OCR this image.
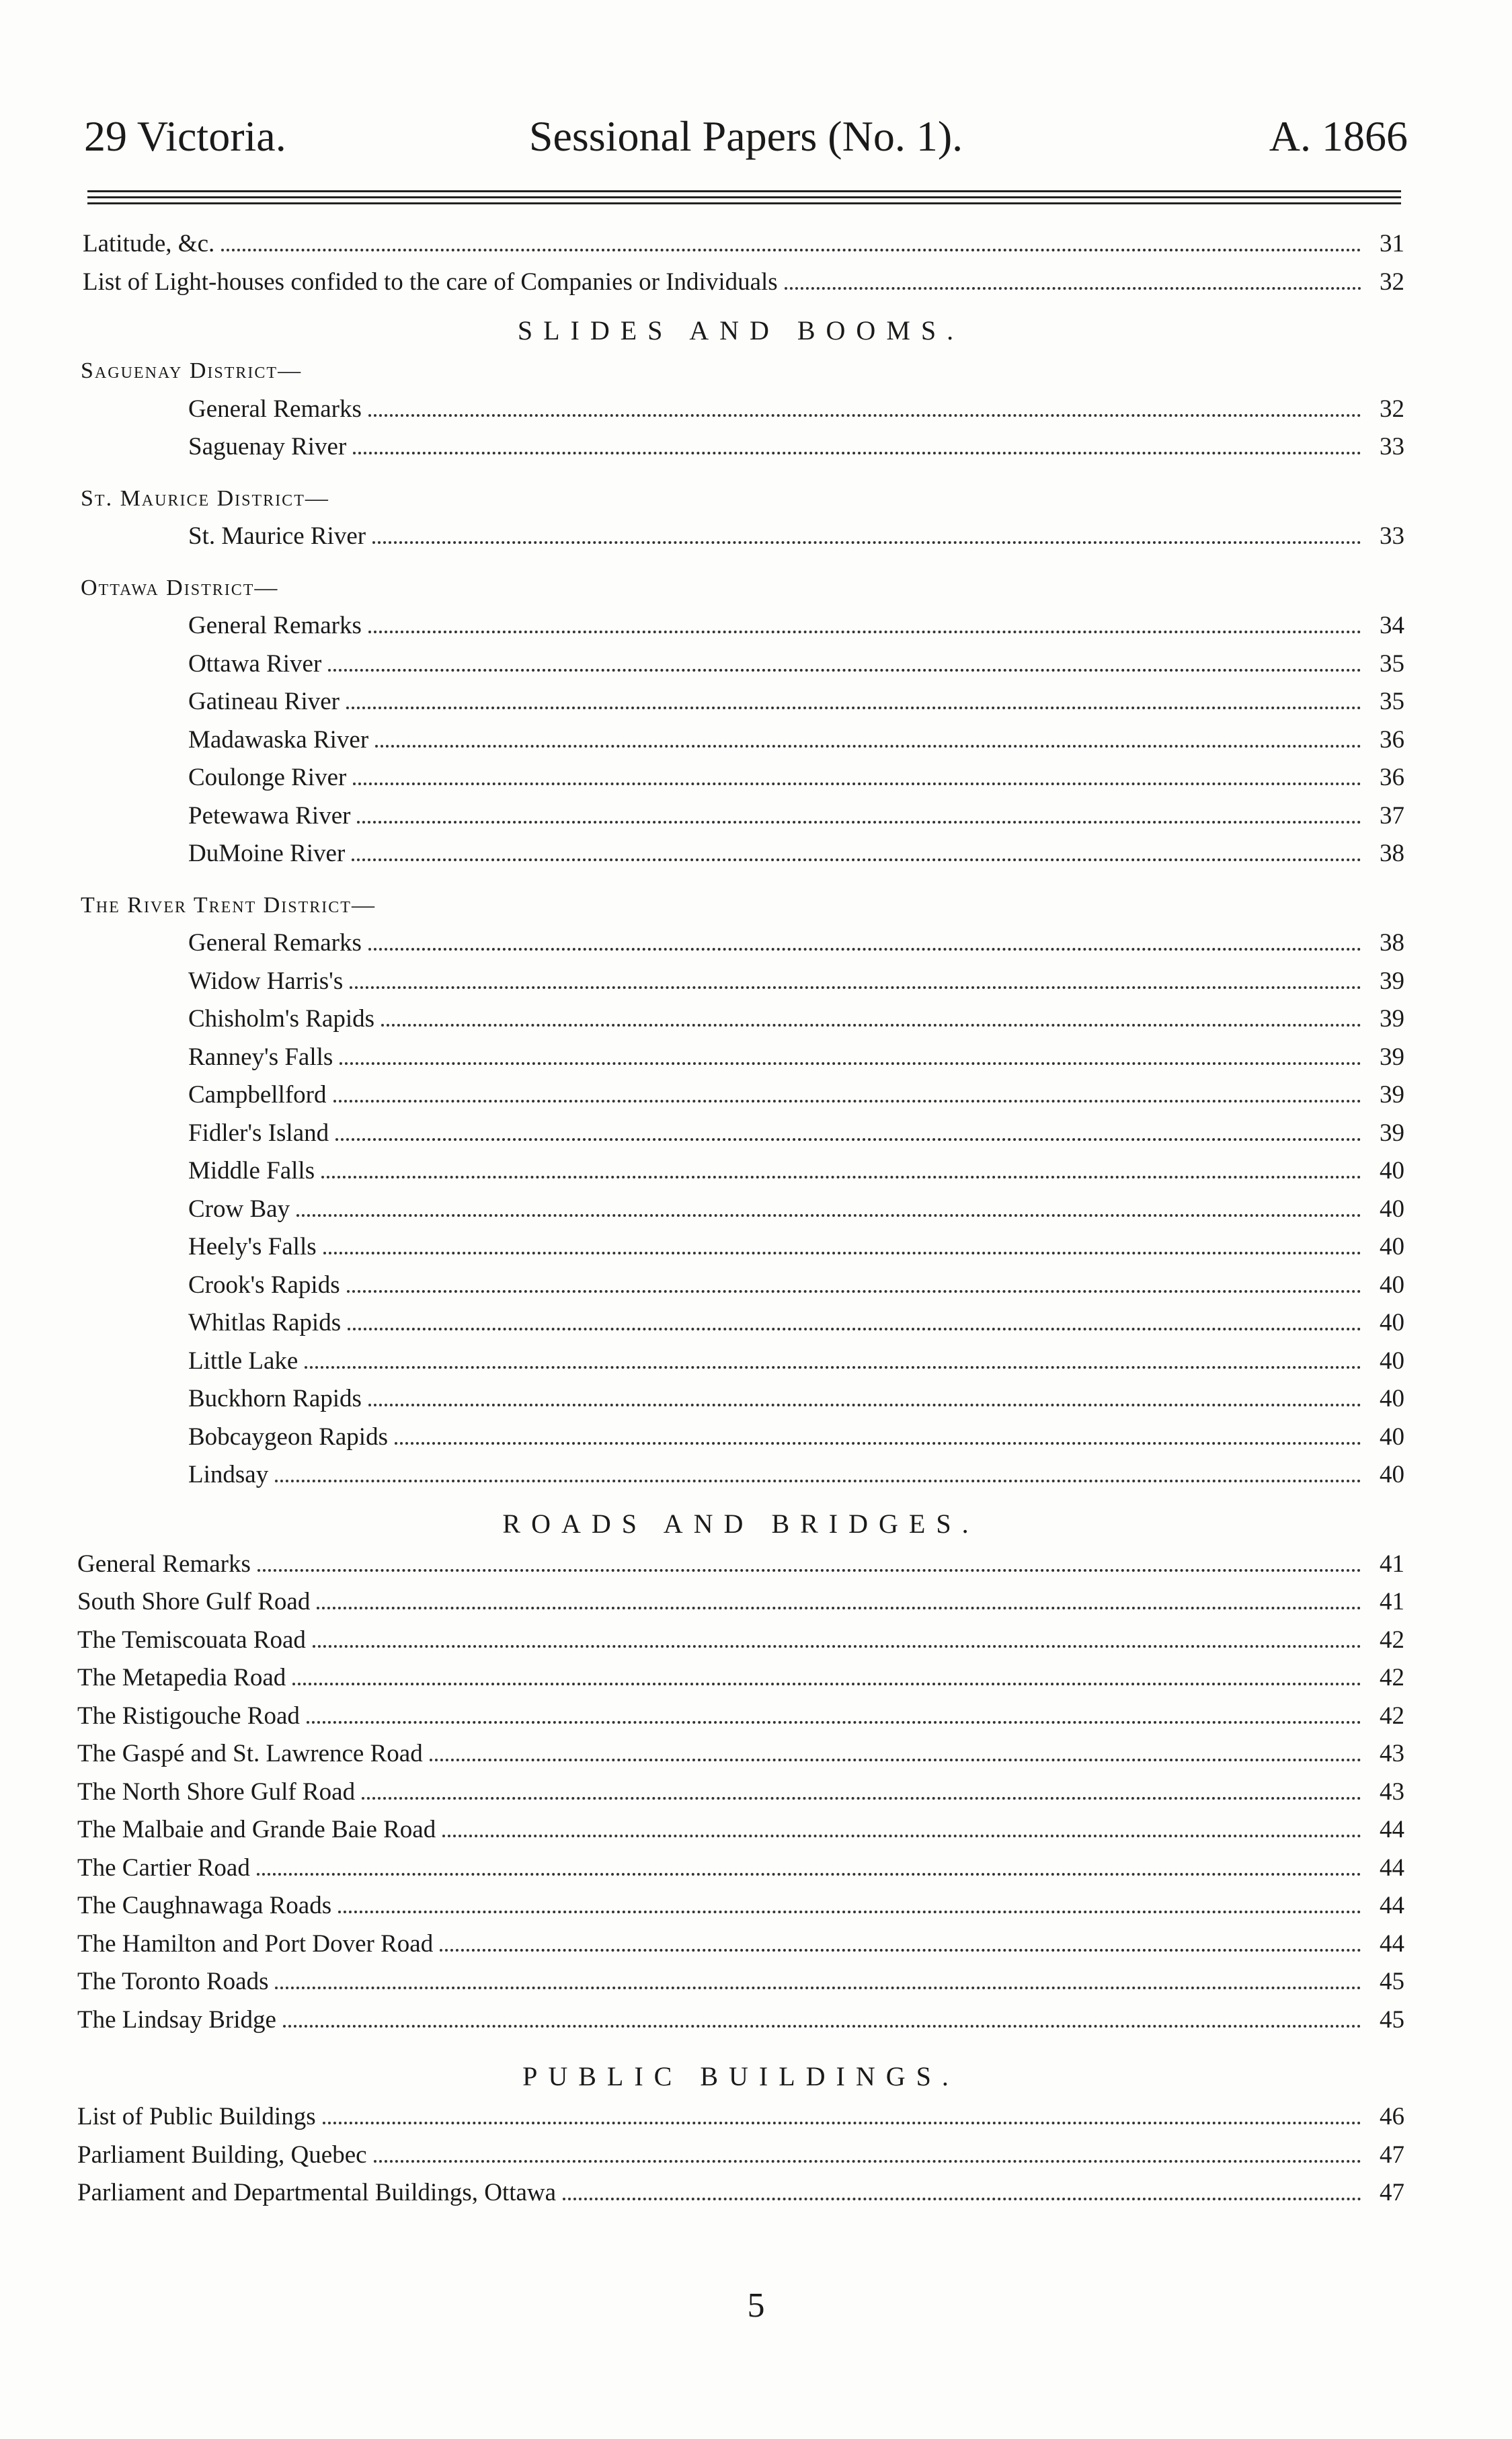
29 Victoria.	Sessional Papers (No. 1).	A. 1866
Latitude, &c.	31
List of Light-houses confided to the care of Companies or Individuals	32
SLIDES AND BOOMS.
Saguenay District—
General Remarks	32
Saguenay River	33
St. Maurice District—
St. Maurice River	33
Ottawa District—
General Remarks	34
Ottawa River	35
Gatineau River	35
Madawaska River	36
Coulonge River	36
Petewawa River	37
DuMoine River	38
The River Trent District—
General Remarks	38
Widow Harris's	39
Chisholm's Rapids	39
Ranney's Falls	39
Campbellford	39
Fidler's Island	39
Middle Falls	40
Crow Bay	40
Heely's Falls	40
Crook's Rapids	40
Whitlas Rapids	40
Little Lake	40
Buckhorn Rapids	40
Bobcaygeon Rapids	40
Lindsay	40
ROADS AND BRIDGES.
General Remarks	41
South Shore Gulf Road	41
The Temiscouata Road	42
The Metapedia Road	42
The Ristigouche Road	42
The Gaspé and St. Lawrence Road	43
The North Shore Gulf Road	43
The Malbaie and Grande Baie Road	44
The Cartier Road	44
The Caughnawaga Roads	44
The Hamilton and Port Dover Road	44
The Toronto Roads	45
The Lindsay Bridge	45
PUBLIC BUILDINGS.
List of Public Buildings	46
Parliament Building, Quebec	47
Parliament and Departmental Buildings, Ottawa	47
5
